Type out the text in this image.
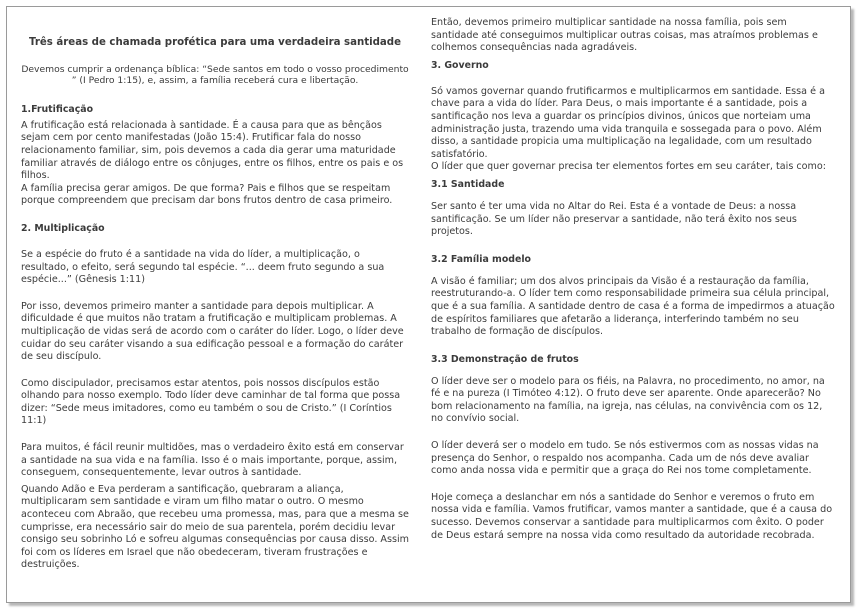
Três áreas de chamada profética para uma verdadeira santidade

Devemos cumprir a ordenança bíblica: “Sede santos em todo o vosso procedimento ” (I Pedro 1:15), e, assim, a família receberá cura e libertação.

1.Frutificação

A frutificação está relacionada à santidade. É a causa para que as bênçãos sejam cem por cento manifestadas (João 15:4). Frutificar fala do nosso relacionamento familiar, sim, pois devemos a cada dia gerar uma maturidade familiar através de diálogo entre os cônjuges, entre os filhos, entre os pais e os filhos.

A família precisa gerar amigos. De que forma? Pais e filhos que se respeitam porque compreendem que precisam dar bons frutos dentro de casa primeiro.

2. Multiplicação

Se a espécie do fruto é a santidade na vida do líder, a multiplicação, o resultado, o efeito, será segundo tal espécie. “... deem fruto segundo a sua espécie...” (Gênesis 1:11)

Por isso, devemos primeiro manter a santidade para depois multiplicar. A dificuldade é que muitos não tratam a frutificação e multiplicam problemas. A multiplicação de vidas será de acordo com o caráter do líder. Logo, o líder deve cuidar do seu caráter visando a sua edificação pessoal e a formação do caráter de seu discípulo.

Como discipulador, precisamos estar atentos, pois nossos discípulos estão olhando para nosso exemplo. Todo líder deve caminhar de tal forma que possa dizer: “Sede meus imitadores, como eu também o sou de Cristo.” (I Coríntios 11:1)

Para muitos, é fácil reunir multidões, mas o verdadeiro êxito está em conservar a santidade na sua vida e na família. Isso é o mais importante, porque, assim, conseguem, consequentemente, levar outros à santidade.

Quando Adão e Eva perderam a santificação, quebraram a aliança, multiplicaram sem santidade e viram um filho matar o outro. O mesmo aconteceu com Abraão, que recebeu uma promessa, mas, para que a mesma se cumprisse, era necessário sair do meio de sua parentela, porém decidiu levar consigo seu sobrinho Ló e sofreu algumas consequências por causa disso. Assim foi com os líderes em Israel que não obedeceram, tiveram frustrações e destruições.

Então, devemos primeiro multiplicar santidade na nossa família, pois sem santidade até conseguimos multiplicar outras coisas, mas atraímos problemas e colhemos consequências nada agradáveis.

3. Governo

Só vamos governar quando frutificarmos e multiplicarmos em santidade. Essa é a chave para a vida do líder. Para Deus, o mais importante é a santidade, pois a santificação nos leva a guardar os princípios divinos, únicos que norteiam uma administração justa, trazendo uma vida tranquila e sossegada para o povo. Além disso, a santidade propicia uma multiplicação na legalidade, com um resultado satisfatório.

O líder que quer governar precisa ter elementos fortes em seu caráter, tais como:

3.1 Santidade

Ser santo é ter uma vida no Altar do Rei. Esta é a vontade de Deus: a nossa santificação. Se um líder não preservar a santidade, não terá êxito nos seus projetos.

3.2 Família modelo

A visão é familiar; um dos alvos principais da Visão é a restauração da família, reestruturando-a. O líder tem como responsabilidade primeira sua célula principal, que é a sua família. A santidade dentro de casa é a forma de impedirmos a atuação de espíritos familiares que afetarão a liderança, interferindo também no seu trabalho de formação de discípulos.

3.3 Demonstração de frutos

O líder deve ser o modelo para os fiéis, na Palavra, no procedimento, no amor, na fé e na pureza (I Timóteo 4:12). O fruto deve ser aparente. Onde aparecerão? No bom relacionamento na família, na igreja, nas células, na convivência com os 12, no convívio social.

O líder deverá ser o modelo em tudo. Se nós estivermos com as nossas vidas na presença do Senhor, o respaldo nos acompanha. Cada um de nós deve avaliar como anda nossa vida e permitir que a graça do Rei nos tome completamente.

Hoje começa a deslanchar em nós a santidade do Senhor e veremos o fruto em nossa vida e família. Vamos frutificar, vamos manter a santidade, que é a causa do sucesso. Devemos conservar a santidade para multiplicarmos com êxito. O poder de Deus estará sempre na nossa vida como resultado da autoridade recobrada.
